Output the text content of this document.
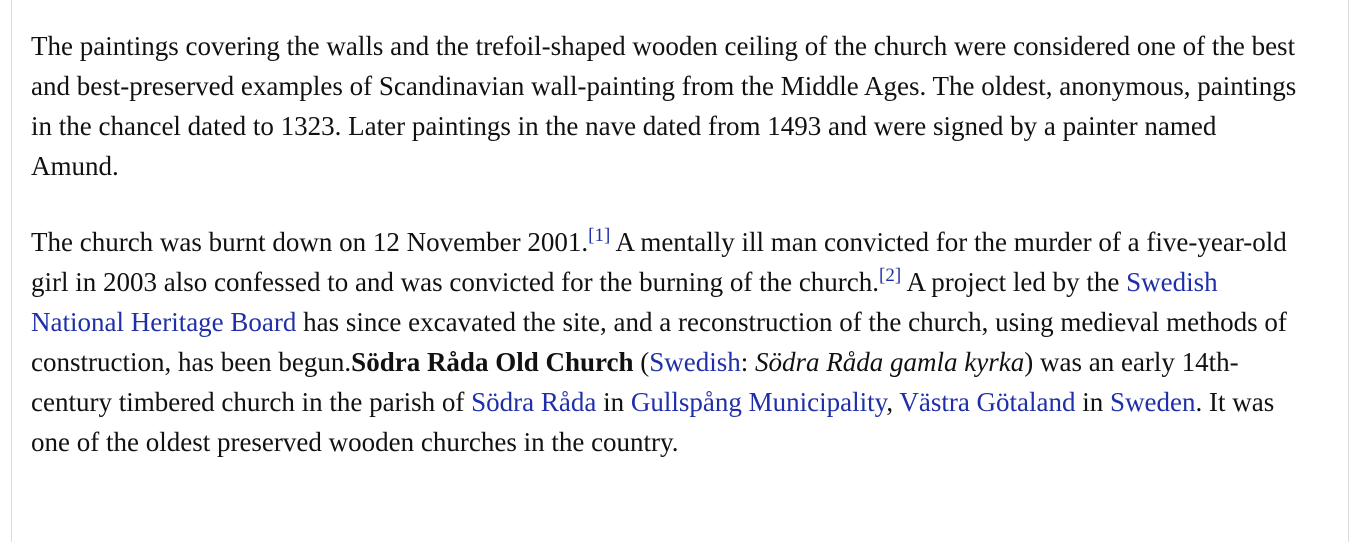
The paintings covering the walls and the trefoil-shaped wooden ceiling of the church were considered one of the best and best-preserved examples of Scandinavian wall-painting from the Middle Ages. The oldest, anonymous, paintings in the chancel dated to 1323. Later paintings in the nave dated from 1493 and were signed by a painter named Amund.

The church was burnt down on 12 November 2001.[1] A mentally ill man convicted for the murder of a five-year-old girl in 2003 also confessed to and was convicted for the burning of the church.[2] A project led by the Swedish National Heritage Board has since excavated the site, and a reconstruction of the church, using medieval methods of construction, has been begun.Södra Råda Old Church (Swedish: Södra Råda gamla kyrka) was an early 14th-century timbered church in the parish of Södra Råda in Gullspång Municipality, Västra Götaland in Sweden. It was one of the oldest preserved wooden churches in the country.
